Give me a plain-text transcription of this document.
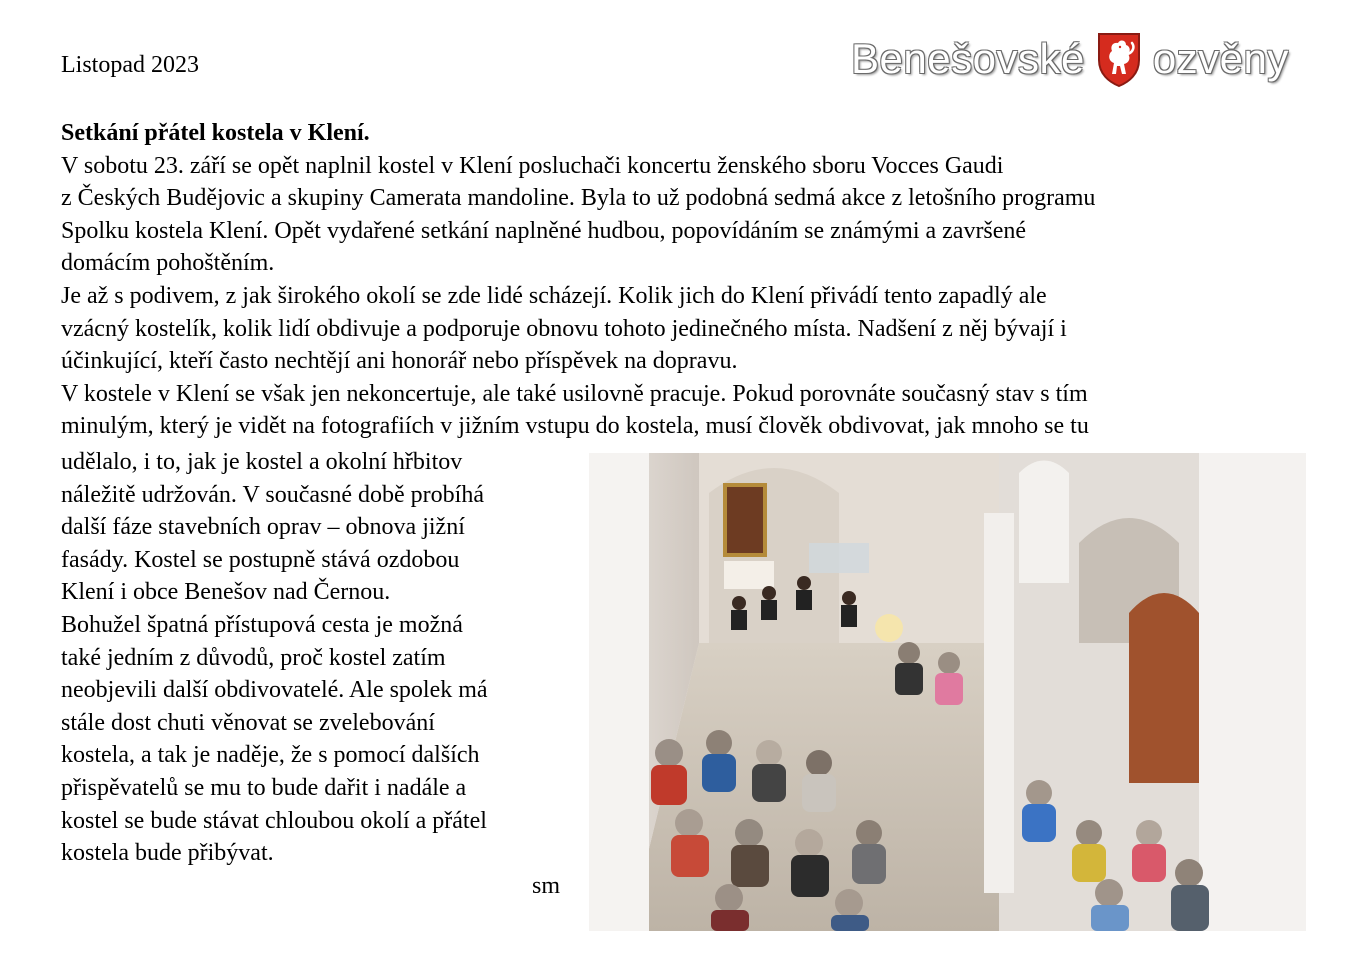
Listopad 2023	Benešovské ozvěny
Setkání přátel kostela v Klení.
V sobotu 23. září se opět naplnil kostel v Klení posluchači koncertu ženského sboru Vocces Gaudi
z Českých Budějovic a skupiny Camerata mandoline. Byla to už podobná sedmá akce z letošního programu
Spolku kostela Klení. Opět vydařené setkání naplněné hudbou, popovídáním se známými a završené
domácím pohoštěním.
Je až s podivem, z jak širokého okolí se zde lidé scházejí. Kolik jich do Klení přivádí tento zapadlý ale
vzácný kostelík, kolik lidí obdivuje a podporuje obnovu tohoto jedinečného místa. Nadšení z něj bývají i
účinkující, kteří často nechtějí ani honorář nebo příspěvek na dopravu.
V kostele v Klení se však jen nekoncertuje, ale také usilovně pracuje. Pokud porovnáte současný stav s tím
minulým, který je vidět na fotografiích v jižním vstupu do kostela, musí člověk obdivovat, jak mnoho se tu
udělalo, i to, jak je kostel a okolní hřbitov
náležitě udržován. V současné době probíhá
další fáze stavebních oprav – obnova jižní
fasády. Kostel se postupně stává ozdobou
Klení i obce Benešov nad Černou.
Bohužel špatná přístupová cesta je možná
také jedním z důvodů, proč kostel zatím
neobjevili další obdivovatelé. Ale spolek má
stále dost chuti věnovat se zvelebování
kostela, a tak je naděje, že s pomocí dalších
přispěvatelů se mu to bude dařit i nadále a
kostel se bude stávat chloubou okolí a přátel
kostela bude přibývat.
sm
